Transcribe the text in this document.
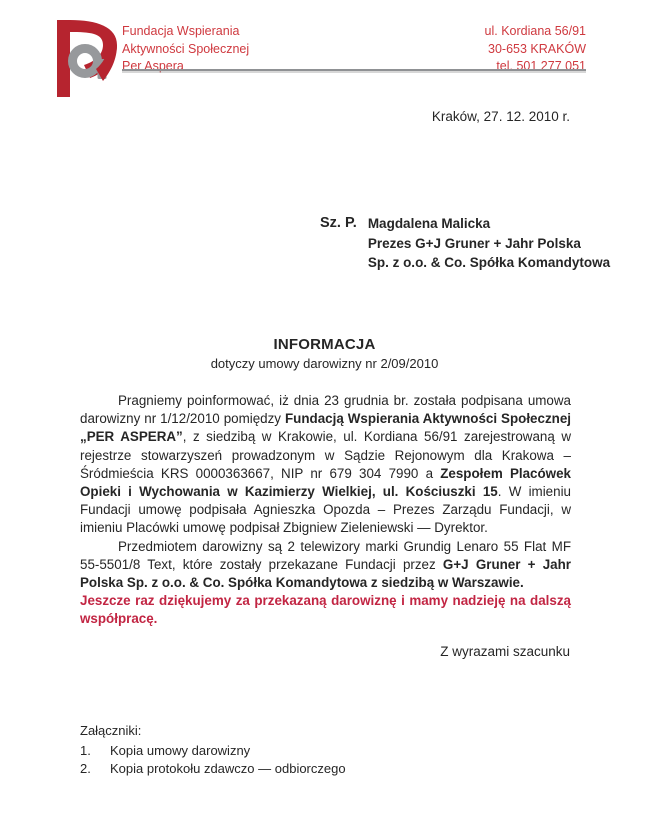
Fundacja Wspierania
Aktywności Społecznej
Per Aspera
ul. Kordiana 56/91
30-653 KRAKÓW
tel. 501 277 051
Kraków, 27. 12. 2010 r.
Sz. P. Magdalena Malicka
Prezes G+J Gruner + Jahr Polska
Sp. z o.o. & Co. Spółka Komandytowa
INFORMACJA
dotyczy umowy darowizny nr 2/09/2010

Pragniemy poinformować, iż dnia 23 grudnia br. została podpisana umowa darowizny nr 1/12/2010 pomiędzy Fundacją Wspierania Aktywności Społecznej „PER ASPERA”, z siedzibą w Krakowie, ul. Kordiana 56/91 zarejestrowaną w rejestrze stowarzyszeń prowadzonym w Sądzie Rejonowym dla Krakowa – Śródmieścia KRS 0000363667, NIP nr 679 304 7990 a Zespołem Placówek Opieki i Wychowania w Kazimierzy Wielkiej, ul. Kościuszki 15. W imieniu Fundacji umowę podpisała Agnieszka Opozda – Prezes Zarządu Fundacji, w imieniu Placówki umowę podpisał Zbigniew Zieleniewski — Dyrektor.

Przedmiotem darowizny są 2 telewizory marki Grundig Lenaro 55 Flat MF 55-5501/8 Text, które zostały przekazane Fundacji przez G+J Gruner + Jahr Polska Sp. z o.o. & Co. Spółka Komandytowa z siedzibą w Warszawie.

Jeszcze raz dziękujemy za przekazaną darowiznę i mamy nadzieję na dalszą współpracę.

Z wyrazami szacunku

Załączniki:

1.	Kopia umowy darowizny
2.	Kopia protokołu zdawczo — odbiorczego
